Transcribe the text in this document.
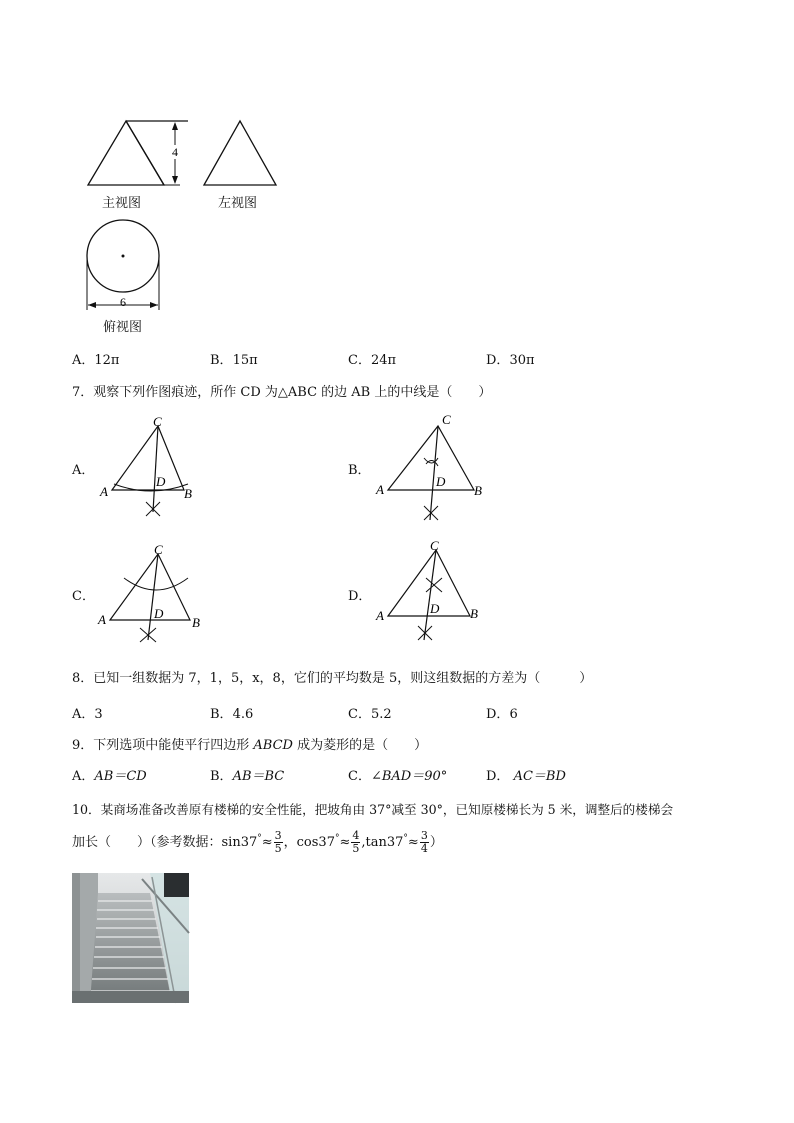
4
主视图	左视图
6
俯视图
A．12π	B．15π	C．24π	D．30π
7．观察下列作图痕迹，所作 CD 为△ABC 的边 AB 上的中线是（　　）
A．
C
A	B
D
B．
C
A	B
D
C．
C
A	B
D
D．
C
A	B
D
8．已知一组数据为 7，1，5，x，8，它们的平均数是 5，则这组数据的方差为（　　　）
A．3	B．4.6	C．5.2	D．6
9．下列选项中能使平行四边形 ABCD 成为菱形的是（　　）
A．AB＝CD	B．AB＝BC	C．∠BAD＝90°	D． AC＝BD
10．某商场准备改善原有楼梯的安全性能，把坡角由 37°减至 30°，已知原楼梯长为 5 米，调整后的楼梯会
加长（　　）（参考数据：$\sin 37^\circ\approx \frac{3}{5}$ ，$\cos 37^\circ\approx \frac{4}{5} ,\tan 37^\circ\approx \frac{3}{4}$ ）
